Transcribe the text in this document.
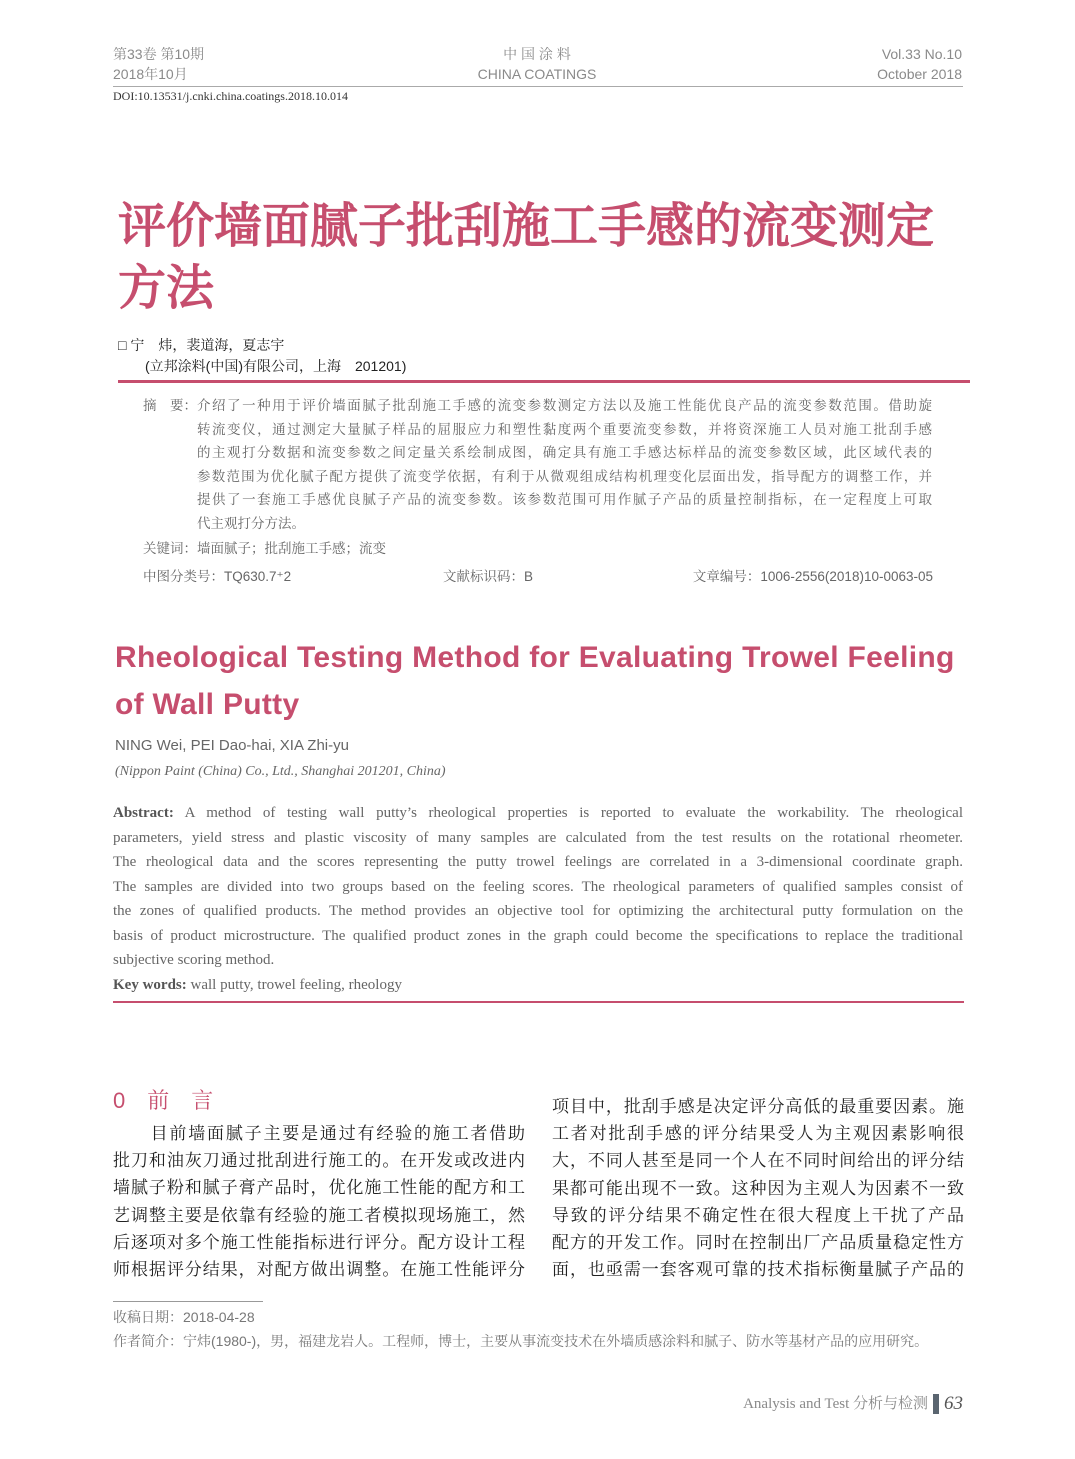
第33卷 第10期
2018年10月
中 国 涂 料
CHINA COATINGS
Vol.33 No.10
October 2018
DOI:10.13531/j.cnki.china.coatings.2018.10.014
评价墙面腻子批刮施工手感的流变测定
方法
□ 宁　炜，裴道海，夏志宇
(立邦涂料(中国)有限公司，上海　201201)
摘　要： 介绍了一种用于评价墙面腻子批刮施工手感的流变参数测定方法以及施工性能优良产品的流变参数范围。借助旋
转流变仪，通过测定大量腻子样品的屈服应力和塑性黏度两个重要流变参数，并将资深施工人员对施工批刮手感
的主观打分数据和流变参数之间定量关系绘制成图，确定具有施工手感达标样品的流变参数区域，此区域代表的
参数范围为优化腻子配方提供了流变学依据，有利于从微观组成结构机理变化层面出发，指导配方的调整工作，并
提供了一套施工手感优良腻子产品的流变参数。该参数范围可用作腻子产品的质量控制指标，在一定程度上可取
代主观打分方法。
关键词：墙面腻子；批刮施工手感；流变
中图分类号：TQ630.7⁺2	文献标识码：B	文章编号：1006-2556(2018)10-0063-05
Rheological Testing Method for Evaluating Trowel Feeling
of Wall Putty
NING Wei, PEI Dao-hai, XIA Zhi-yu
(Nippon Paint (China) Co., Ltd., Shanghai 201201, China)
Abstract: A method of testing wall putty’s rheological properties is reported to evaluate the workability. The rheological
parameters, yield stress and plastic viscosity of many samples are calculated from the test results on the rotational rheometer.
The rheological data and the scores representing the putty trowel feelings are correlated in a 3-dimensional coordinate graph.
The samples are divided into two groups based on the feeling scores. The rheological parameters of qualified samples consist of
the zones of qualified products. The method provides an objective tool for optimizing the architectural putty formulation on the
basis of product microstructure. The qualified product zones in the graph could become the specifications to replace the traditional
subjective scoring method.
Key words: wall putty, trowel feeling, rheology
0　前　言
　　目前墙面腻子主要是通过有经验的施工者借助
批刀和油灰刀通过批刮进行施工的。在开发或改进内
墙腻子粉和腻子膏产品时，优化施工性能的配方和工
艺调整主要是依靠有经验的施工者模拟现场施工，然
后逐项对多个施工性能指标进行评分。配方设计工程
师根据评分结果，对配方做出调整。在施工性能评分
项目中，批刮手感是决定评分高低的最重要因素。施
工者对批刮手感的评分结果受人为主观因素影响很
大，不同人甚至是同一个人在不同时间给出的评分结
果都可能出现不一致。这种因为主观人为因素不一致
导致的评分结果不确定性在很大程度上干扰了产品
配方的开发工作。同时在控制出厂产品质量稳定性方
面，也亟需一套客观可靠的技术指标衡量腻子产品的
收稿日期：2018-04-28
作者简介：宁炜(1980-)，男，福建龙岩人。工程师，博士，主要从事流变技术在外墙质感涂料和腻子、防水等基材产品的应用研究。
Analysis and Test 分析与检测 63
